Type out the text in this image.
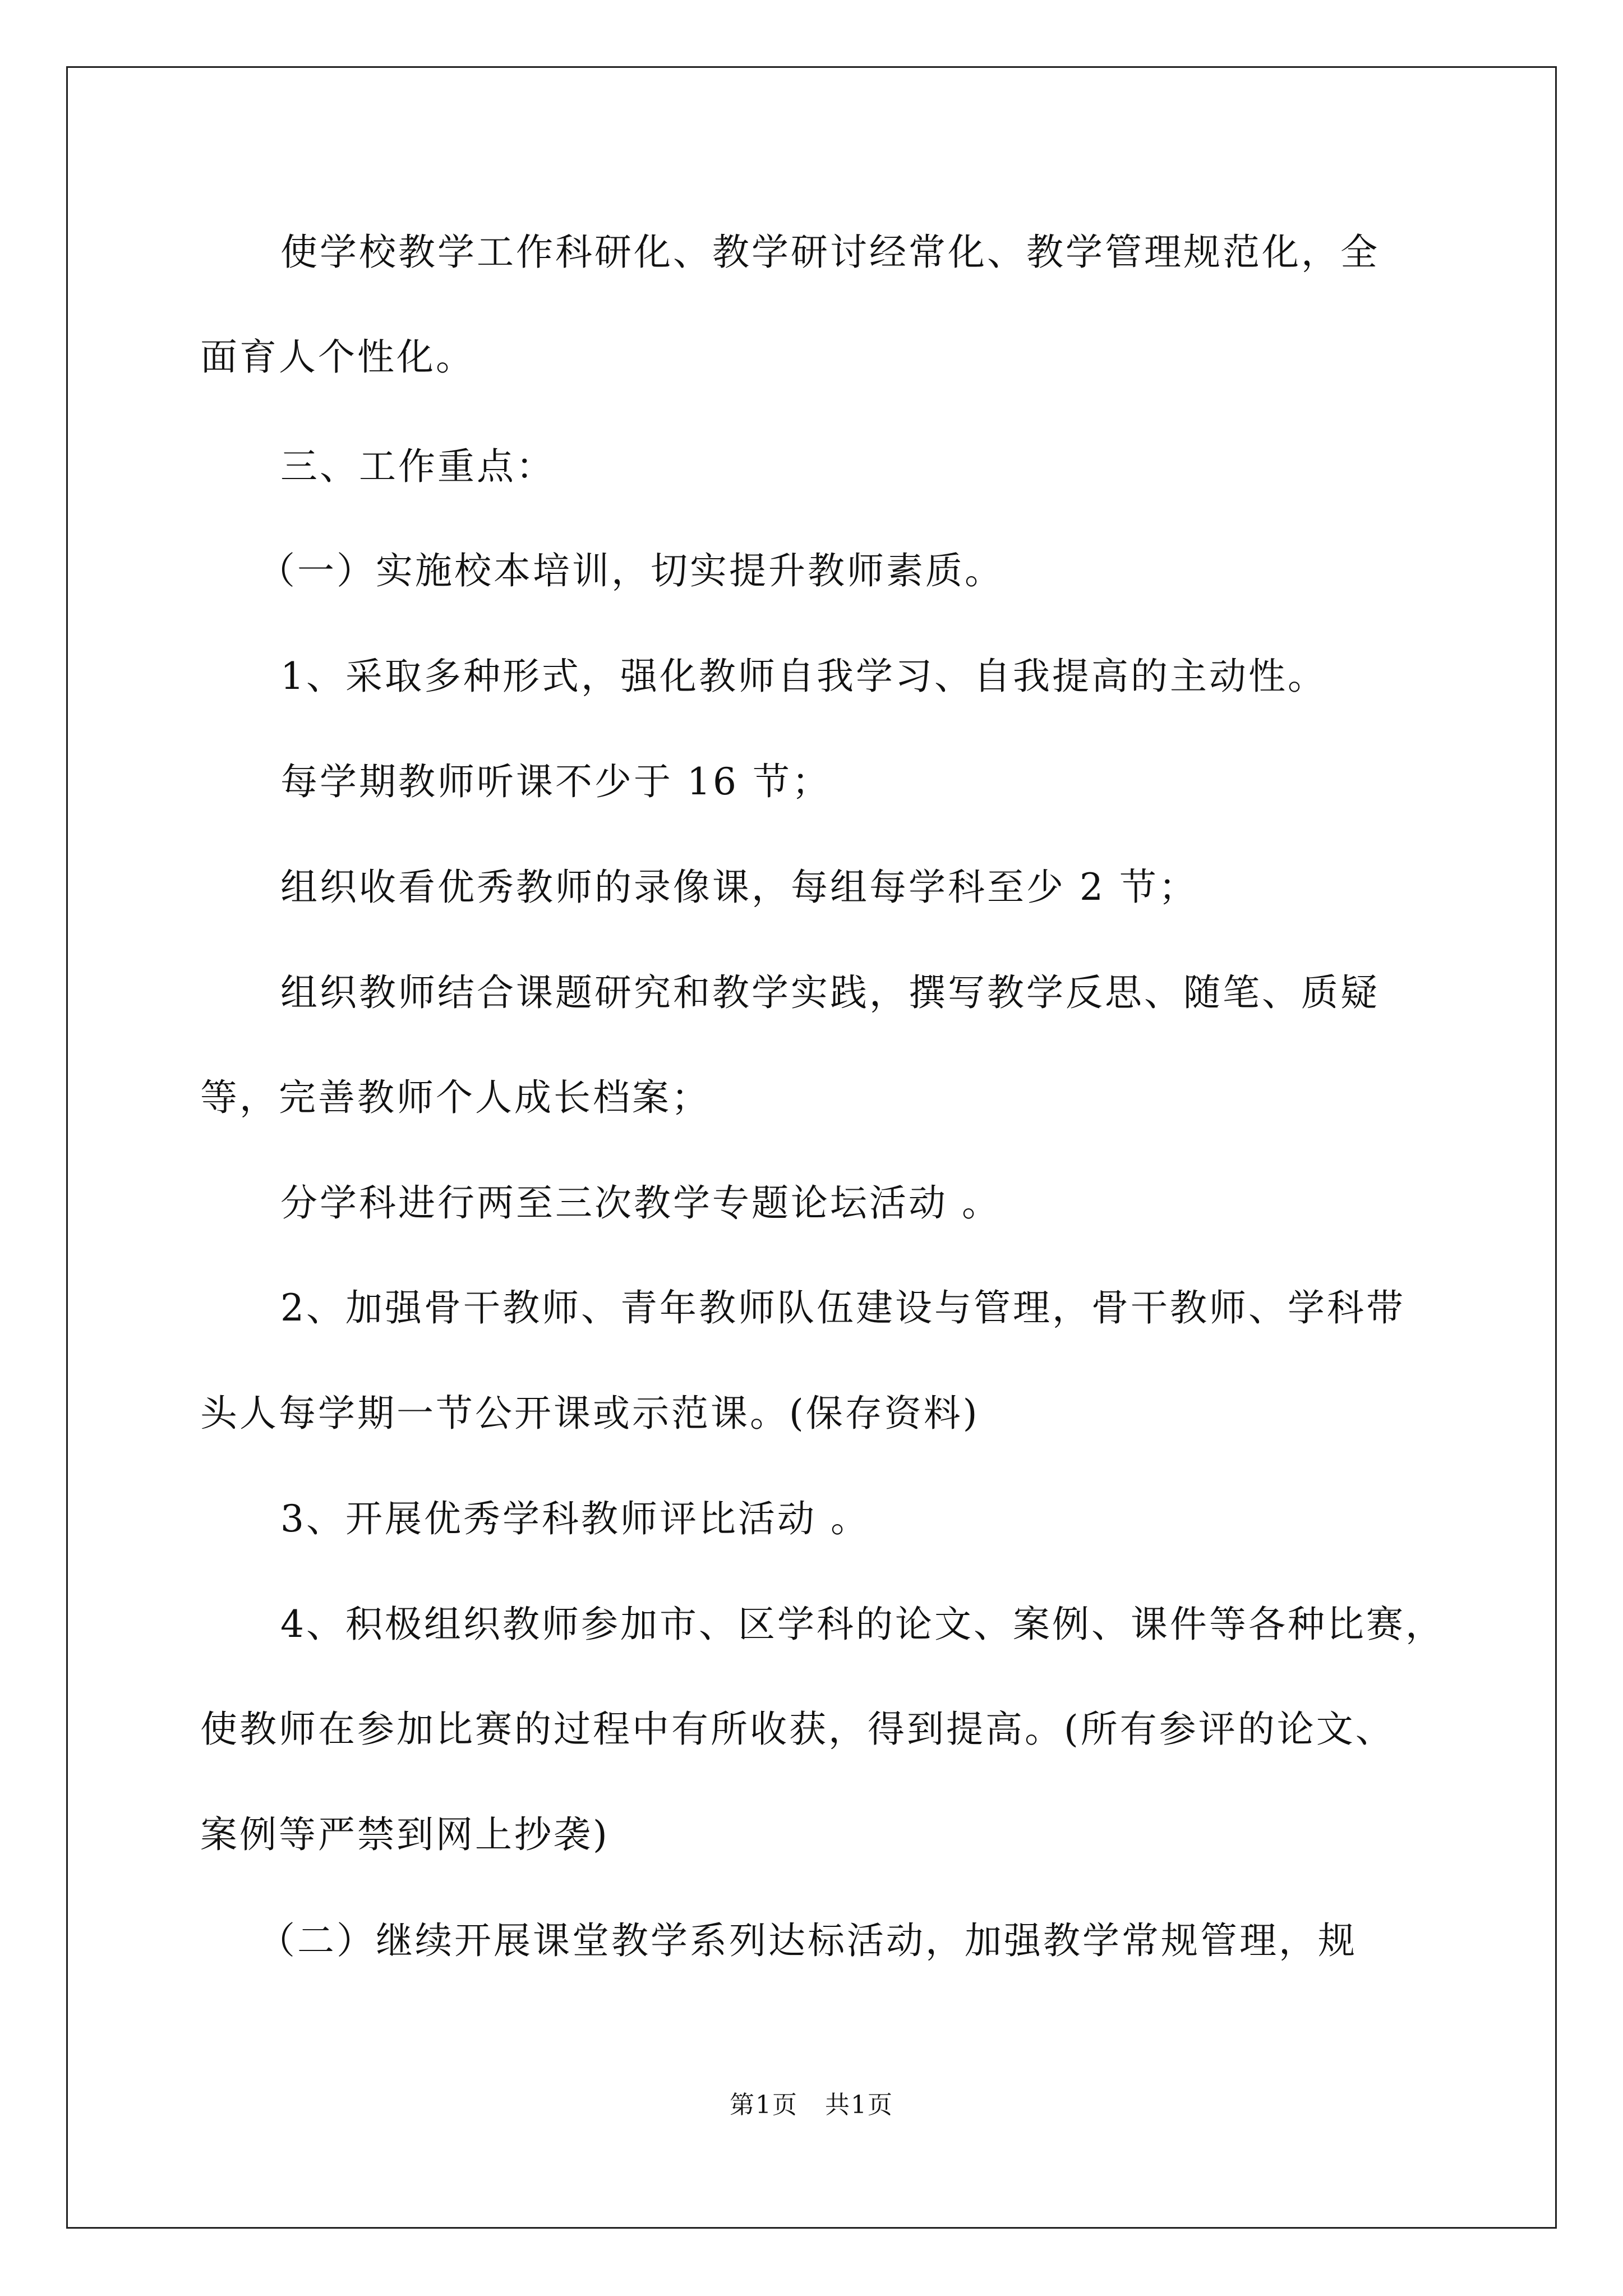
使学校教学工作科研化、教学研讨经常化、教学管理规范化，全
面育人个性化。
三、工作重点：
（一）实施校本培训，切实提升教师素质。
1、采取多种形式，强化教师自我学习、自我提高的主动性。
每学期教师听课不少于 16 节；
组织收看优秀教师的录像课，每组每学科至少 2 节；
组织教师结合课题研究和教学实践，撰写教学反思、随笔、质疑
等，完善教师个人成长档案；
分学科进行两至三次教学专题论坛活动 。
2、加强骨干教师、青年教师队伍建设与管理，骨干教师、学科带
头人每学期一节公开课或示范课。(保存资料)
3、开展优秀学科教师评比活动 。
4、积极组织教师参加市、区学科的论文、案例、课件等各种比赛，
使教师在参加比赛的过程中有所收获，得到提高。(所有参评的论文、
案例等严禁到网上抄袭)
（二）继续开展课堂教学系列达标活动，加强教学常规管理，规
第1页   共1页
